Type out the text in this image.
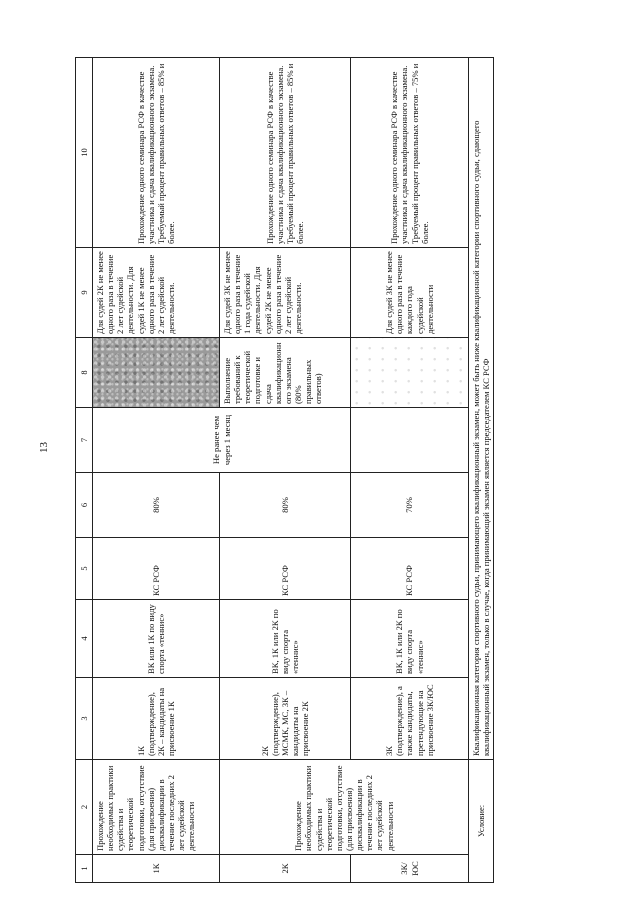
13

1	2	3	4	5	6	7	8	9	10
1К	Прохождение необходимых практики судейства и теоретической подготовки, отсутствие (для присвоения) дисквалификации в течение последних 2 лет судейской деятельности	1К (подтверждение), 2К – кандидаты на присвоение 1К	ВК или 1К по виду спорта «теннис»	КС РСФ	80%	Не ранее чем через 1 месяц		Для судей 2К не менее одного раза в течение 2 лет судейской деятельности. Для судей 1К не менее одного раза в течение 2 лет судейской деятельности.	Прохождение одного семинара РСФ в качестве участника и сдача квалификационного экзамена. Требуемый процент правильных ответов – 85% и более.
2К	Прохождение необходимых практики судейства и теоретической подготовки, отсутствие (для присвоения) дисквалификации в течение последних 2 лет судейской деятельности	2К (подтверждение), МСМК, МС, 3К – кандидаты на присвоение 2К	ВК, 1К или 2К по виду спорта «теннис»	КС РСФ	80%		Выполнение требований к теоретической подготовке и сдача квалификационного экзамена (80% правильных ответов)	Для судей 3К не менее одного раза в течение 1 года судейской деятельности. Для судей 2К не менее одного раза в течение 2 лет судейской деятельности.	Прохождение одного семинара РСФ в качестве участника и сдача квалификационного экзамена. Требуемый процент правильных ответов – 85% и более.
3К/ЮС		3К (подтверждение), а также кандидаты, претендующие на присвоение 3К/ЮС	ВК, 1К или 2К по виду спорта «теннис»	КС РСФ	70%			Для судей 3К не менее одного раза в течение каждого года судейской деятельности	Прохождение одного семинара РСФ в качестве участника и сдача квалификационного экзамена. Требуемый процент правильных ответов – 75% и более.
Условие:		Квалификационная категория спортивного судьи, принимающего квалификационный экзамен, может быть ниже квалификационной категории спортивного судьи, сдающего квалификационный экзамен, только в случае, когда принимающий экзамен является председателем КС РСФ							
